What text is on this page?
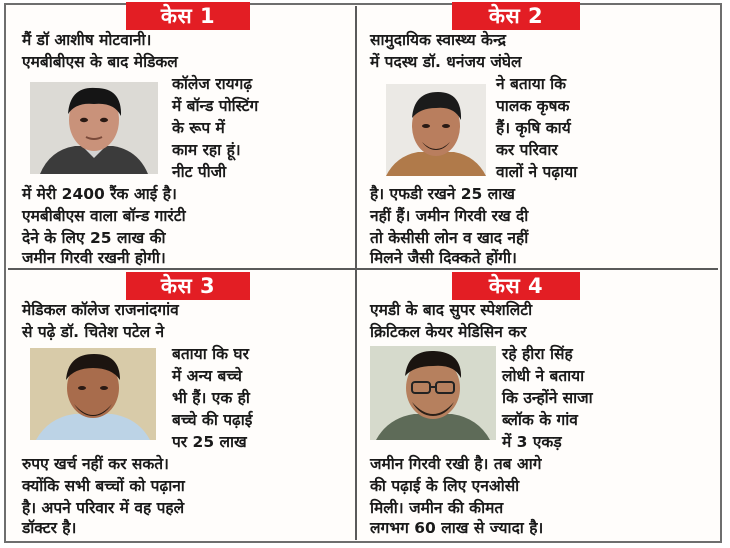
केस 1
मैं डॉ आशीष मोटवानी।
एमबीबीएस के बाद मेडिकल
कॉलेज रायगढ़
में बॉन्ड पोस्टिंग
के रूप में
काम रहा हूं।
नीट पीजी
में मेरी 2400 रैंक आई है।
एमबीबीएस वाला बॉन्ड गारंटी
देने के लिए 25 लाख की
जमीन गिरवी रखनी होगी।
केस 2
सामुदायिक स्वास्थ्य केन्द्र
में पदस्थ डॉ. धनंजय जंघेल
ने बताया कि
पालक कृषक
हैं। कृषि कार्य
कर परिवार
वालों ने पढ़ाया
है। एफडी रखने 25 लाख
नहीं हैं। जमीन गिरवी रख दी
तो केसीसी लोन व खाद नहीं
मिलने जैसी दिक्कते होंगी।
केस 3
मेडिकल कॉलेज राजनांदगांव
से पढ़े डॉ. चितेश पटेल ने
बताया कि घर
में अन्य बच्चे
भी हैं। एक ही
बच्चे की पढ़ाई
पर 25 लाख
रुपए खर्च नहीं कर सकते।
क्योंकि सभी बच्चों को पढ़ाना
है। अपने परिवार में वह पहले
डॉक्टर है।
केस 4
एमडी के बाद सुपर स्पेशलिटी
क्रिटिकल केयर मेडिसिन कर
रहे हीरा सिंह
लोधी ने बताया
कि उन्होंने साजा
ब्लॉक के गांव
में 3 एकड़
जमीन गिरवी रखी है। तब आगे
की पढ़ाई के लिए एनओसी
मिली। जमीन की कीमत
लगभग 60 लाख से ज्यादा है।
